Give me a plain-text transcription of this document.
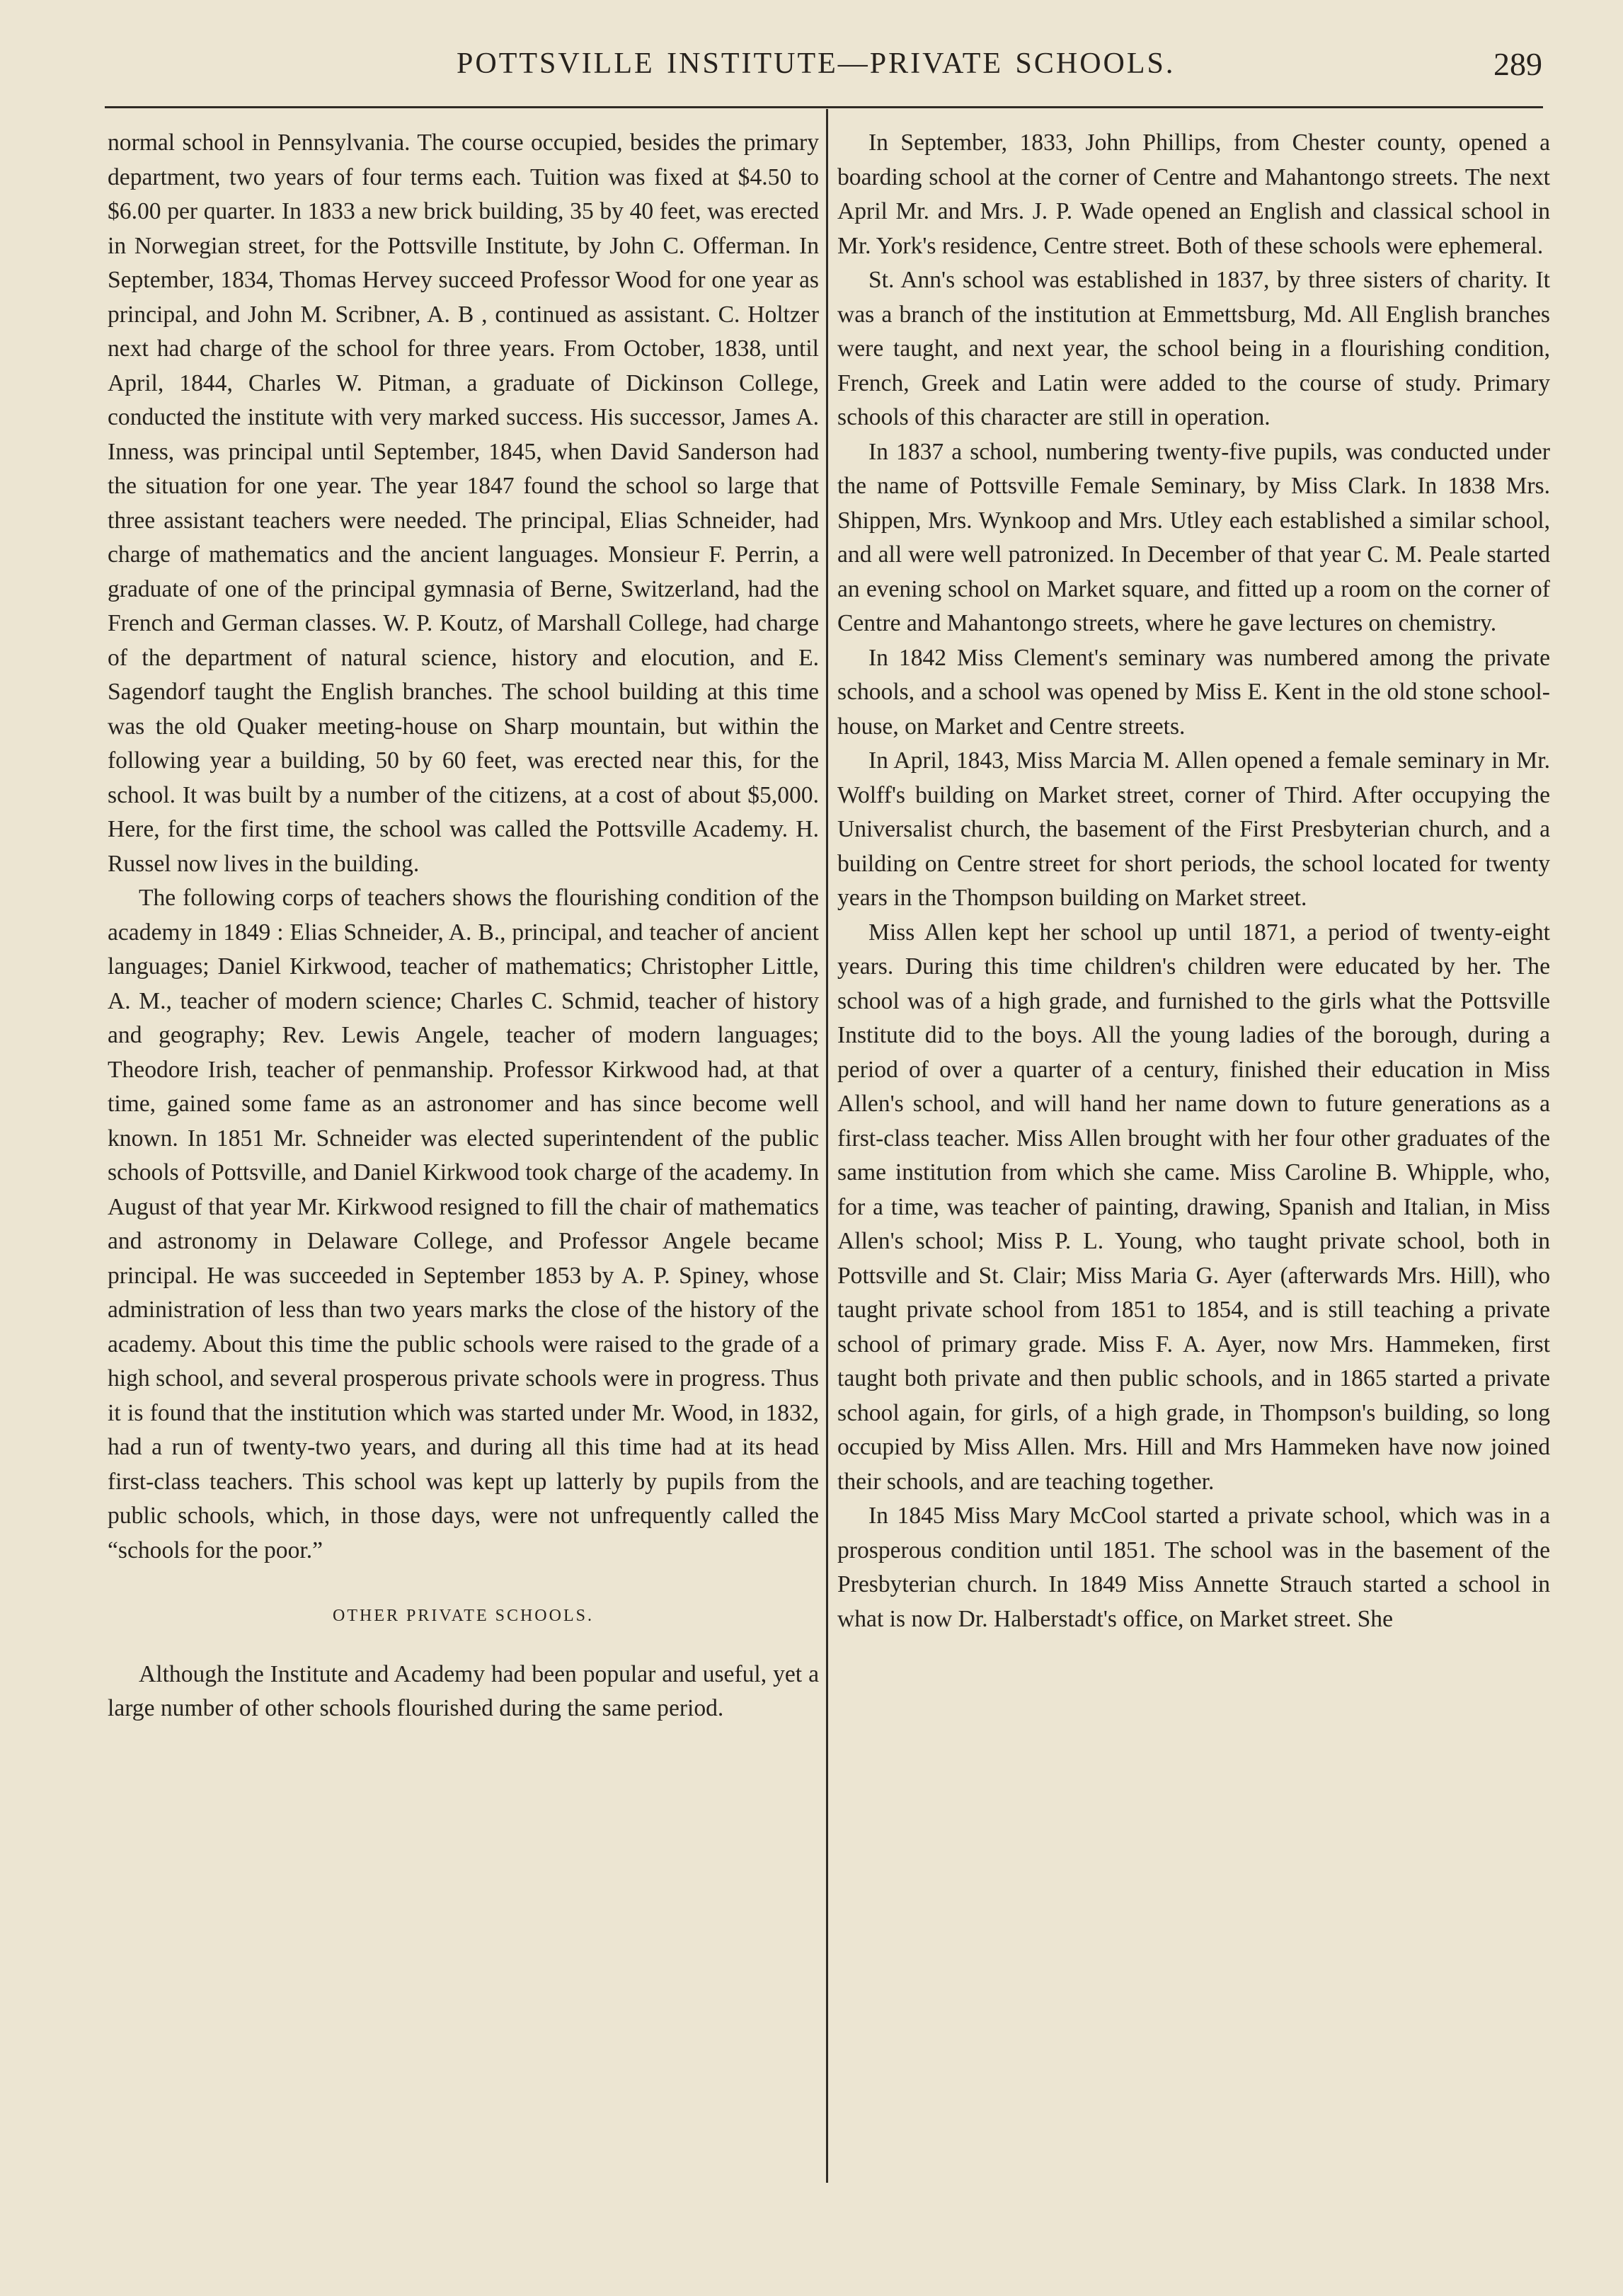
POTTSVILLE INSTITUTE—PRIVATE SCHOOLS.	289

normal school in Pennsylvania. The course occupied, besides the primary department, two years of four terms each. Tuition was fixed at $4.50 to $6.00 per quarter. In 1833 a new brick building, 35 by 40 feet, was erected in Norwegian street, for the Pottsville Institute, by John C. Offerman. In September, 1834, Thomas Hervey succeed Professor Wood for one year as principal, and John M. Scribner, A. B , continued as assistant. C. Holtzer next had charge of the school for three years. From October, 1838, until April, 1844, Charles W. Pitman, a graduate of Dickinson College, conducted the institute with very marked success. His successor, James A. Inness, was principal until September, 1845, when David Sanderson had the situation for one year. The year 1847 found the school so large that three assistant teachers were needed. The principal, Elias Schneider, had charge of mathematics and the ancient languages. Monsieur F. Perrin, a graduate of one of the principal gymnasia of Berne, Switzerland, had the French and German classes. W. P. Koutz, of Marshall College, had charge of the department of natural science, history and elocution, and E. Sagendorf taught the English branches. The school building at this time was the old Quaker meeting-house on Sharp mountain, but within the following year a building, 50 by 60 feet, was erected near this, for the school. It was built by a number of the citizens, at a cost of about $5,000. Here, for the first time, the school was called the Pottsville Academy. H. Russel now lives in the building.

The following corps of teachers shows the flourishing condition of the academy in 1849 : Elias Schneider, A. B., principal, and teacher of ancient languages; Daniel Kirkwood, teacher of mathematics; Christopher Little, A. M., teacher of modern science; Charles C. Schmid, teacher of history and geography; Rev. Lewis Angele, teacher of modern languages; Theodore Irish, teacher of penmanship. Professor Kirkwood had, at that time, gained some fame as an astronomer and has since become well known. In 1851 Mr. Schneider was elected superintendent of the public schools of Pottsville, and Daniel Kirkwood took charge of the academy. In August of that year Mr. Kirkwood resigned to fill the chair of mathematics and astronomy in Delaware College, and Professor Angele became principal. He was succeeded in September 1853 by A. P. Spiney, whose administration of less than two years marks the close of the history of the academy. About this time the public schools were raised to the grade of a high school, and several prosperous private schools were in progress. Thus it is found that the institution which was started under Mr. Wood, in 1832, had a run of twenty-two years, and during all this time had at its head first-class teachers. This school was kept up latterly by pupils from the public schools, which, in those days, were not unfrequently called the “schools for the poor.”

OTHER PRIVATE SCHOOLS.

Although the Institute and Academy had been popular and useful, yet a large number of other schools flourished during the same period.

In September, 1833, John Phillips, from Chester county, opened a boarding school at the corner of Centre and Mahantongo streets. The next April Mr. and Mrs. J. P. Wade opened an English and classical school in Mr. York's residence, Centre street. Both of these schools were ephemeral.

St. Ann's school was established in 1837, by three sisters of charity. It was a branch of the institution at Emmettsburg, Md. All English branches were taught, and next year, the school being in a flourishing condition, French, Greek and Latin were added to the course of study. Primary schools of this character are still in operation.

In 1837 a school, numbering twenty-five pupils, was conducted under the name of Pottsville Female Seminary, by Miss Clark. In 1838 Mrs. Shippen, Mrs. Wynkoop and Mrs. Utley each established a similar school, and all were well patronized. In December of that year C. M. Peale started an evening school on Market square, and fitted up a room on the corner of Centre and Mahantongo streets, where he gave lectures on chemistry.

In 1842 Miss Clement's seminary was numbered among the private schools, and a school was opened by Miss E. Kent in the old stone school-house, on Market and Centre streets.

In April, 1843, Miss Marcia M. Allen opened a female seminary in Mr. Wolff's building on Market street, corner of Third. After occupying the Universalist church, the basement of the First Presbyterian church, and a building on Centre street for short periods, the school located for twenty years in the Thompson building on Market street.

Miss Allen kept her school up until 1871, a period of twenty-eight years. During this time children's children were educated by her. The school was of a high grade, and furnished to the girls what the Pottsville Institute did to the boys. All the young ladies of the borough, during a period of over a quarter of a century, finished their education in Miss Allen's school, and will hand her name down to future generations as a first-class teacher. Miss Allen brought with her four other graduates of the same institution from which she came. Miss Caroline B. Whipple, who, for a time, was teacher of painting, drawing, Spanish and Italian, in Miss Allen's school; Miss P. L. Young, who taught private school, both in Pottsville and St. Clair; Miss Maria G. Ayer (afterwards Mrs. Hill), who taught private school from 1851 to 1854, and is still teaching a private school of primary grade. Miss F. A. Ayer, now Mrs. Hammeken, first taught both private and then public schools, and in 1865 started a private school again, for girls, of a high grade, in Thompson's building, so long occupied by Miss Allen. Mrs. Hill and Mrs Hammeken have now joined their schools, and are teaching together.

In 1845 Miss Mary McCool started a private school, which was in a prosperous condition until 1851. The school was in the basement of the Presbyterian church. In 1849 Miss Annette Strauch started a school in what is now Dr. Halberstadt's office, on Market street. She
